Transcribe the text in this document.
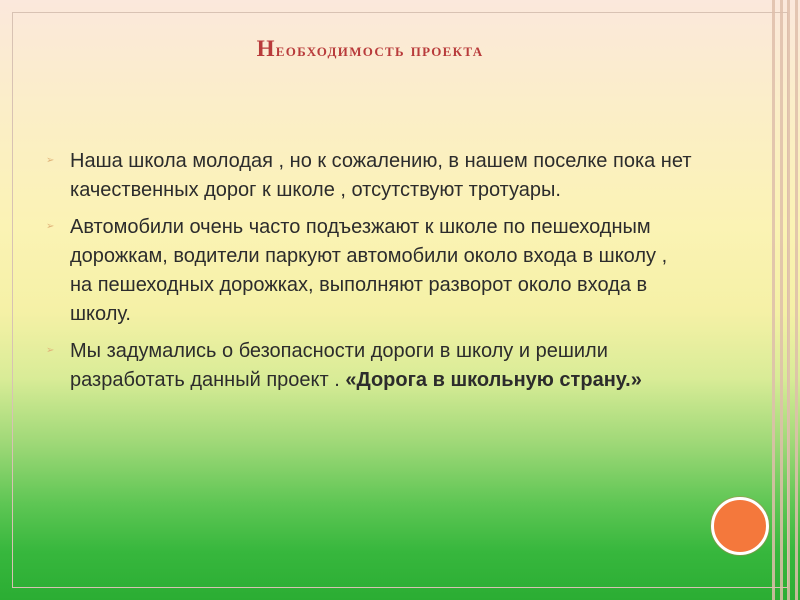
Необходимость проекта
➢ Наша школа молодая , но к сожалению, в нашем поселке пока нет качественных дорог к школе , отсутствуют тротуары.
➢ Автомобили очень часто подъезжают к школе по пешеходным дорожкам, водители паркуют автомобили около входа в школу , на пешеходных дорожках, выполняют разворот около входа в школу.
➢ Мы задумались о безопасности дороги в школу и решили разработать данный проект . «Дорога в школьную страну.»
